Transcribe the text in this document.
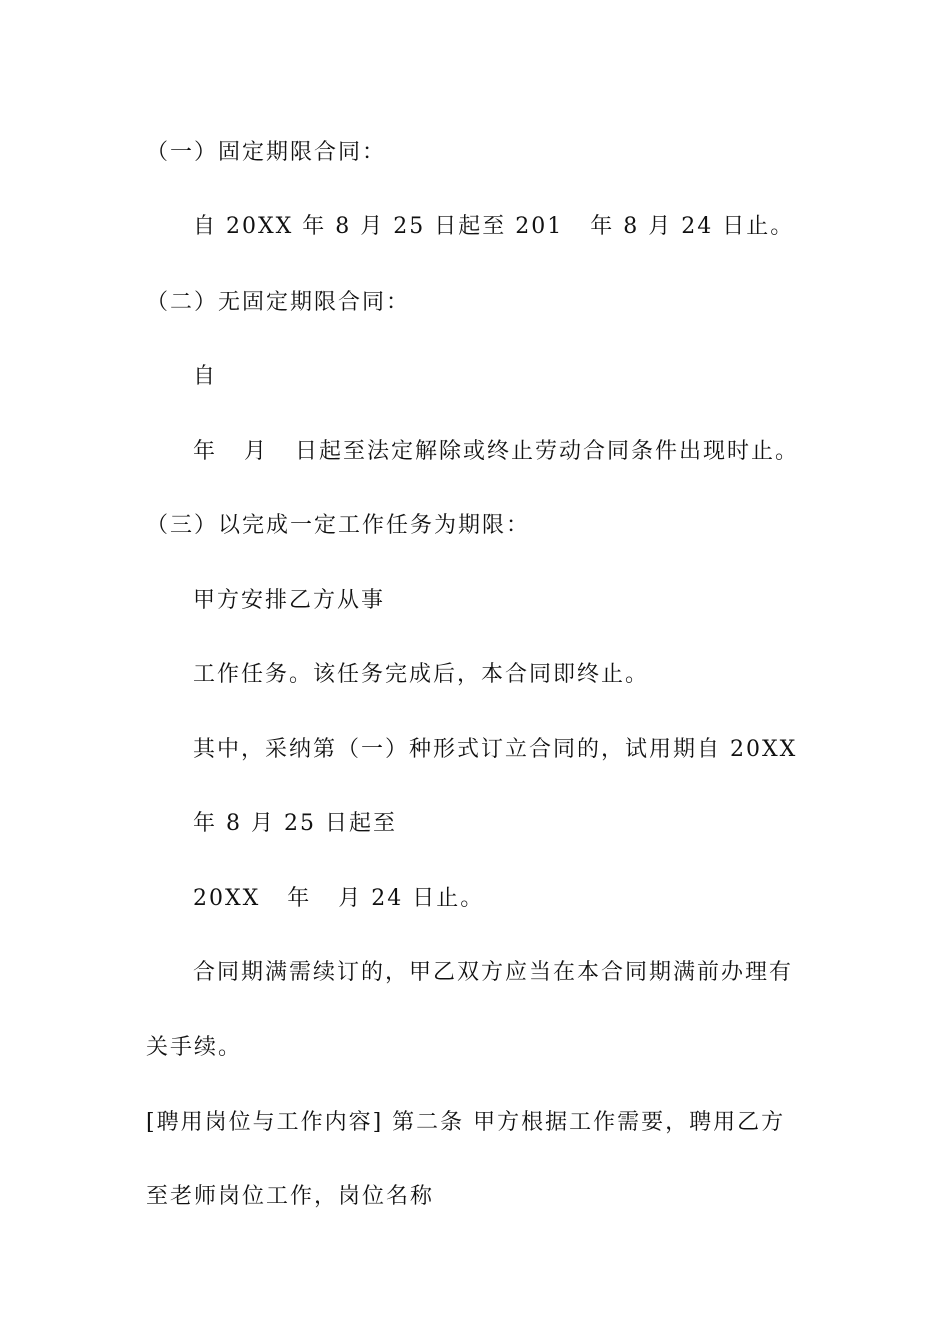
（一）固定期限合同：
自 20XX 年 8 月 25 日起至 201   年 8 月 24 日止。
（二）无固定期限合同：
自
年   月   日起至法定解除或终止劳动合同条件出现时止。
（三）以完成一定工作任务为期限：
甲方安排乙方从事
工作任务。该任务完成后，本合同即终止。
其中，采纳第（一）种形式订立合同的，试用期自 20XX
年 8 月 25 日起至
20XX   年   月 24 日止。
合同期满需续订的，甲乙双方应当在本合同期满前办理有
关手续。
[聘用岗位与工作内容] 第二条 甲方根据工作需要，聘用乙方
至老师岗位工作，岗位名称
